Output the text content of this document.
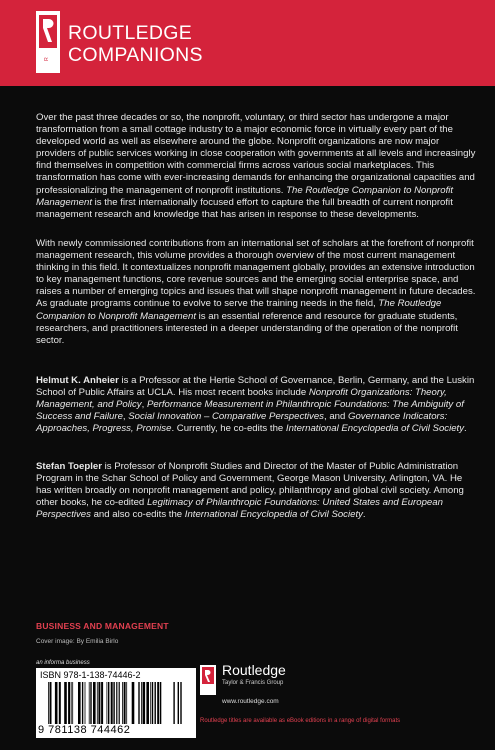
R
ROUTLEDGE
COMPANIONS
Over the past three decades or so, the nonprofit, voluntary, or third sector has undergone a major transformation from a small cottage industry to a major economic force in virtually every part of the developed world as well as elsewhere around the globe. Nonprofit organizations are now major providers of public services working in close cooperation with governments at all levels and increasingly find themselves in competition with commercial firms across various social marketplaces. This transformation has come with ever-increasing demands for enhancing the organizational capacities and professionalizing the management of nonprofit institutions. The Routledge Companion to Nonprofit Management is the first internationally focused effort to capture the full breadth of current nonprofit management research and knowledge that has arisen in response to these developments.
With newly commissioned contributions from an international set of scholars at the forefront of nonprofit management research, this volume provides a thorough overview of the most current management thinking in this field. It contextualizes nonprofit management globally, provides an extensive introduction to key management functions, core revenue sources and the emerging social enterprise space, and raises a number of emerging topics and issues that will shape nonprofit management in future decades. As graduate programs continue to evolve to serve the training needs in the field, The Routledge Companion to Nonprofit Management is an essential reference and resource for graduate students, researchers, and practitioners interested in a deeper understanding of the operation of the nonprofit sector.
Helmut K. Anheier is a Professor at the Hertie School of Governance, Berlin, Germany, and the Luskin School of Public Affairs at UCLA. His most recent books include Nonprofit Organizations: Theory, Management, and Policy, Performance Measurement in Philanthropic Foundations: The Ambiguity of Success and Failure, Social Innovation – Comparative Perspectives, and Governance Indicators: Approaches, Progress, Promise. Currently, he co-edits the International Encyclopedia of Civil Society.
Stefan Toepler is Professor of Nonprofit Studies and Director of the Master of Public Administration Program in the Schar School of Policy and Government, George Mason University, Arlington, VA. He has written broadly on nonprofit management and policy, philanthropy and global civil society. Among other books, he co-edited Legitimacy of Philanthropic Foundations: United States and European Perspectives and also co-edits the International Encyclopedia of Civil Society.
BUSINESS AND MANAGEMENT
Cover image: By Emilia Birlo
an informa business
ISBN 978-1-138-74446-2
9 781138 744462
Routledge
Taylor & Francis Group
www.routledge.com
Routledge titles are available as eBook editions in a range of digital formats
